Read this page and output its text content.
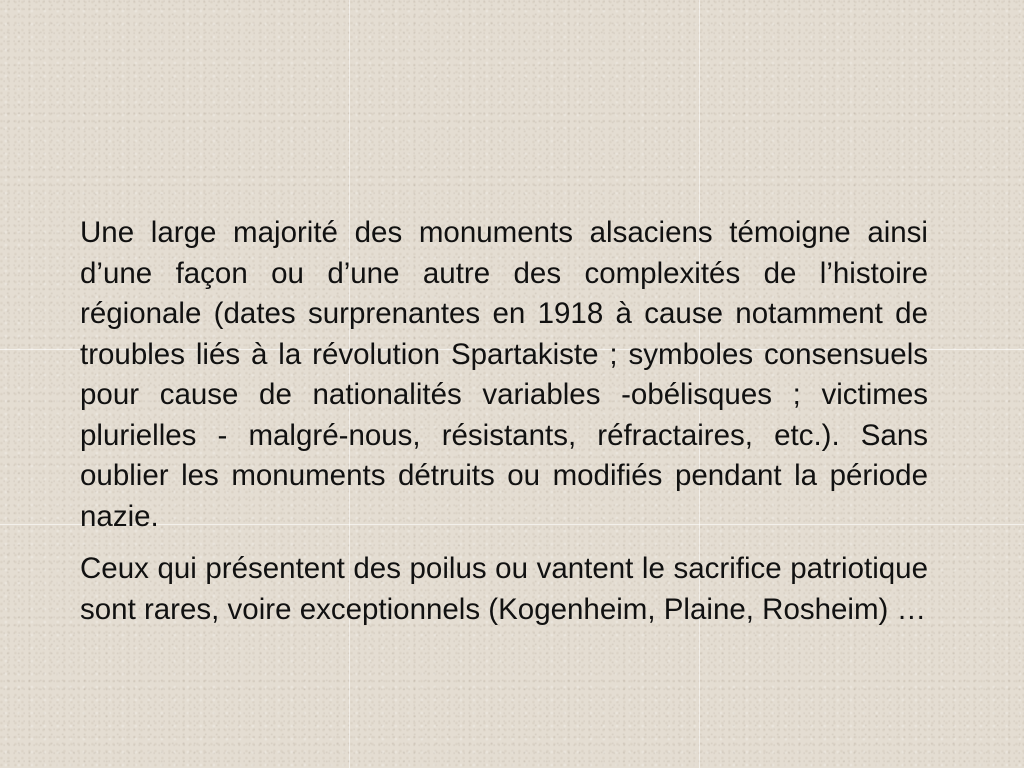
Une large majorité des monuments alsaciens témoigne ainsi d’une façon ou d’une autre des complexités de l’histoire régionale (dates surprenantes en 1918 à cause notamment de troubles liés à la révolution Spartakiste ; symboles consensuels pour cause de nationalités variables -obélisques ; victimes plurielles - malgré-nous, résistants, réfractaires, etc.). Sans oublier les monuments détruits ou modifiés pendant la période nazie.

Ceux qui présentent des poilus ou vantent le sacrifice patriotique sont rares, voire exceptionnels (Kogenheim, Plaine, Rosheim) …
